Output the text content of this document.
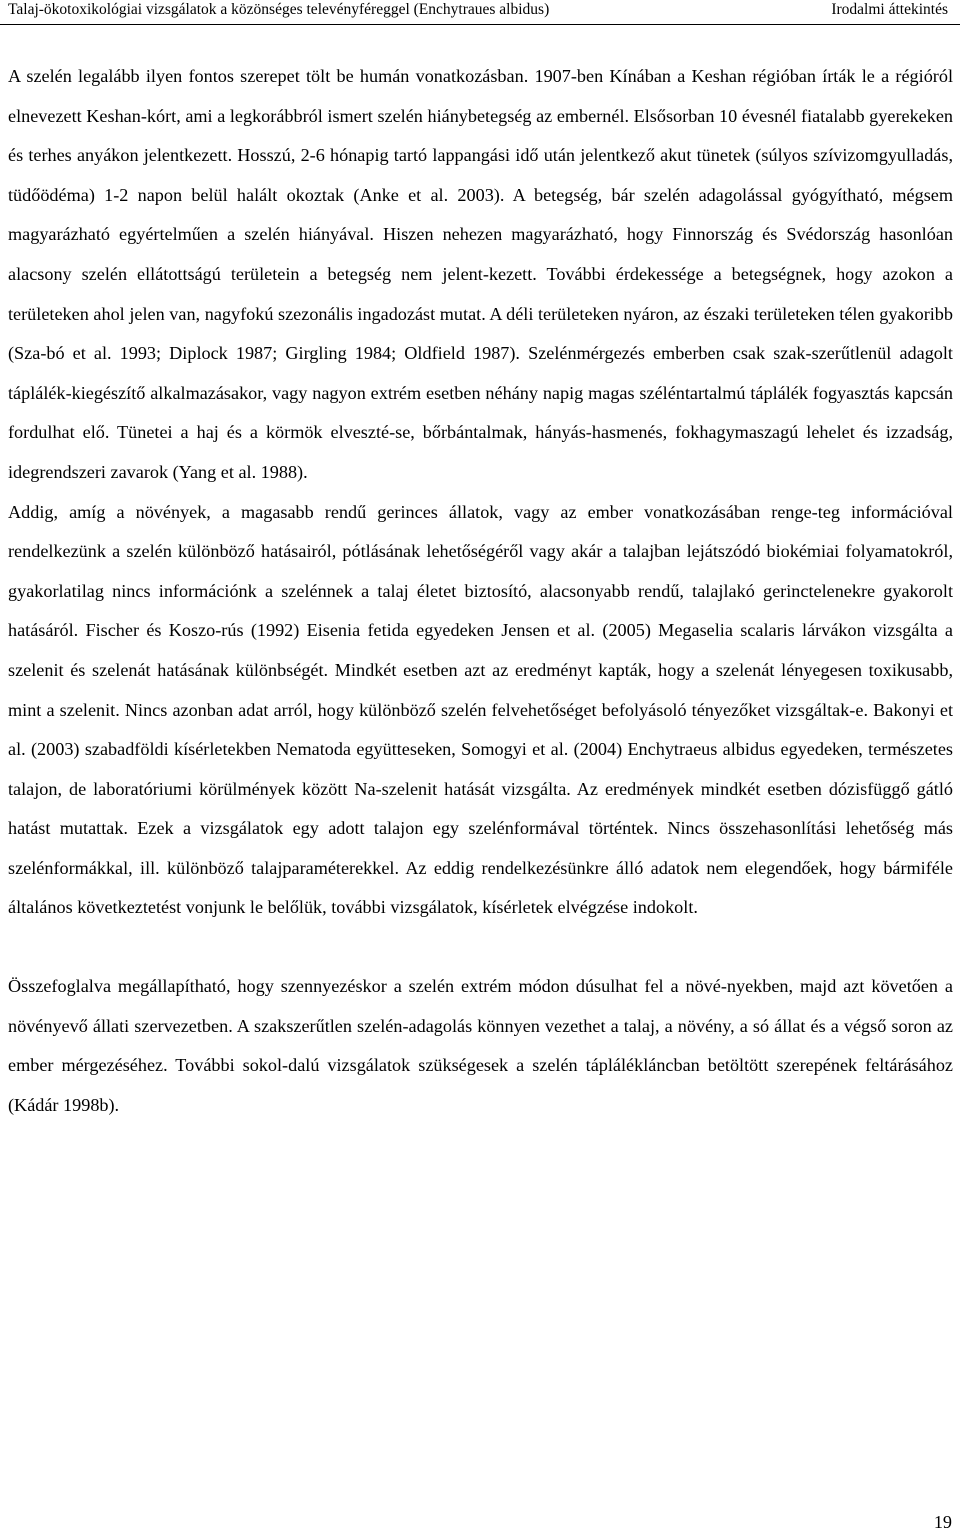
Talaj-ökotoxikológiai vizsgálatok a közönséges televényféreggel (Enchytraues albidus)	Irodalmi áttekintés

A szelén legalább ilyen fontos szerepet tölt be humán vonatkozásban. 1907-ben Kínában a Keshan régióban írták le a régióról elnevezett Keshan-kórt, ami a legkorábbról ismert szelén hiánybetegség az embernél. Elsősorban 10 évesnél fiatalabb gyerekeken és terhes anyákon jelentkezett. Hosszú, 2-6 hónapig tartó lappangási idő után jelentkező akut tünetek (súlyos szívizomgyulladás, tüdőödéma) 1-2 napon belül halált okoztak (Anke et al. 2003). A betegség, bár szelén adagolással gyógyítható, mégsem magyarázható egyértelműen a szelén hiányával. Hiszen nehezen magyarázható, hogy Finnország és Svédország hasonlóan alacsony szelén ellátottságú területein a betegség nem jelent-kezett. További érdekessége a betegségnek, hogy azokon a területeken ahol jelen van, nagyfokú szezonális ingadozást mutat. A déli területeken nyáron, az északi területeken télen gyakoribb (Sza-bó et al. 1993; Diplock 1987; Girgling 1984; Oldfield 1987). Szelénmérgezés emberben csak szak-szerűtlenül adagolt táplálék-kiegészítő alkalmazásakor, vagy nagyon extrém esetben néhány napig magas széléntartalmú táplálék fogyasztás kapcsán fordulhat elő. Tünetei a haj és a körmök elveszté-se, bőrbántalmak, hányás-hasmenés, fokhagymaszagú lehelet és izzadság, idegrendszeri zavarok (Yang et al. 1988).

Addig, amíg a növények, a magasabb rendű gerinces állatok, vagy az ember vonatkozásában renge-teg információval rendelkezünk a szelén különböző hatásairól, pótlásának lehetőségéről vagy akár a talajban lejátszódó biokémiai folyamatokról, gyakorlatilag nincs információnk a szelénnek a talaj életet biztosító, alacsonyabb rendű, talajlakó gerinctelenekre gyakorolt hatásáról. Fischer és Koszo-rús (1992) Eisenia fetida egyedeken Jensen et al. (2005) Megaselia scalaris lárvákon vizsgálta a szelenit és szelenát hatásának különbségét. Mindkét esetben azt az eredményt kapták, hogy a szelenát lényegesen toxikusabb, mint a szelenit. Nincs azonban adat arról, hogy különböző szelén felvehetőséget befolyásoló tényezőket vizsgáltak-e. Bakonyi et al. (2003) szabadföldi kísérletekben Nematoda együtteseken, Somogyi et al. (2004) Enchytraeus albidus egyedeken, természetes talajon, de laboratóriumi körülmények között Na-szelenit hatását vizsgálta. Az eredmények mindkét esetben dózisfüggő gátló hatást mutattak. Ezek a vizsgálatok egy adott talajon egy szelénformával történtek. Nincs összehasonlítási lehetőség más szelénformákkal, ill. különböző talajparaméterekkel. Az eddig rendelkezésünkre álló adatok nem elegendőek, hogy bármiféle általános következtetést vonjunk le belőlük, további vizsgálatok, kísérletek elvégzése indokolt.

Összefoglalva megállapítható, hogy szennyezéskor a szelén extrém módon dúsulhat fel a növé-nyekben, majd azt követően a növényevő állati szervezetben. A szakszerűtlen szelén-adagolás könnyen vezethet a talaj, a növény, a só állat és a végső soron az ember mérgezéséhez. További sokol-dalú vizsgálatok szükségesek a szelén táplálékláncban betöltött szerepének feltárásához (Kádár 1998b).

19
